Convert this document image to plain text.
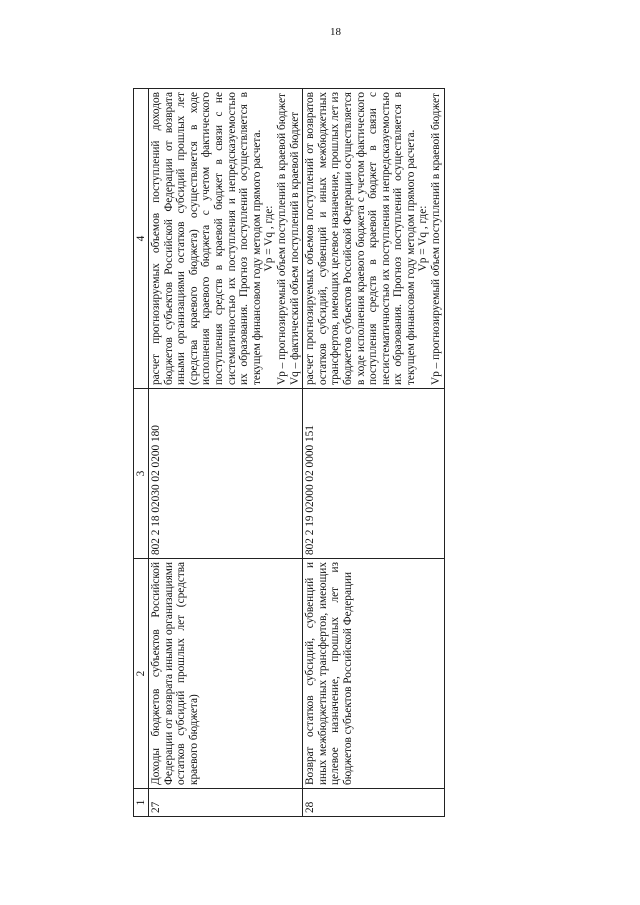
18
1	2	3	4
27	Доходы бюджетов субъектов Российской Федерации от возврата иными организациями остатков субсидий прошлых лет (средства краевого бюджета)	802 2 18 02030 02 0200 180	расчет прогнозируемых объемов поступлений доходов бюджетов субъектов Российской Федерации от возврата иными организациями остатков субсидий прошлых лет (средства краевого бюджета) осуществляется в ходе исполнения краевого бюджета с учетом фактического поступления средств в краевой бюджет в связи с не систематичностью их поступления и непредсказуемостью их образования. Прогноз поступлений осуществляется в текущем финансовом году методом прямого расчета. Vp = Vq , где: Vp – прогнозируемый объем поступлений в краевой бюджет Vq – фактический объем поступлений в краевой бюджет

28	Возврат остатков субсидий, субвенций и иных межбюджетных трансфертов, имеющих целевое назначение, прошлых лет из бюджетов субъектов Российской Федерации	802 2 19 02000 02 0000 151	расчет прогнозируемых объемов поступлений от возвратов остатков субсидий, субвенций и иных межбюджетных трансфертов, имеющих целевое назначение, прошлых лет из бюджетов субъектов Российской Федерации осуществляется в ходе исполнения краевого бюджета с учетом фактического поступления средств в краевой бюджет в связи с несистематичностью их поступления и непредсказуемостью их образования. Прогноз поступлений осуществляется в текущем финансовом году методом прямого расчета. Vp = Vq , где: Vp – прогнозируемый объем поступлений в краевой бюджет
